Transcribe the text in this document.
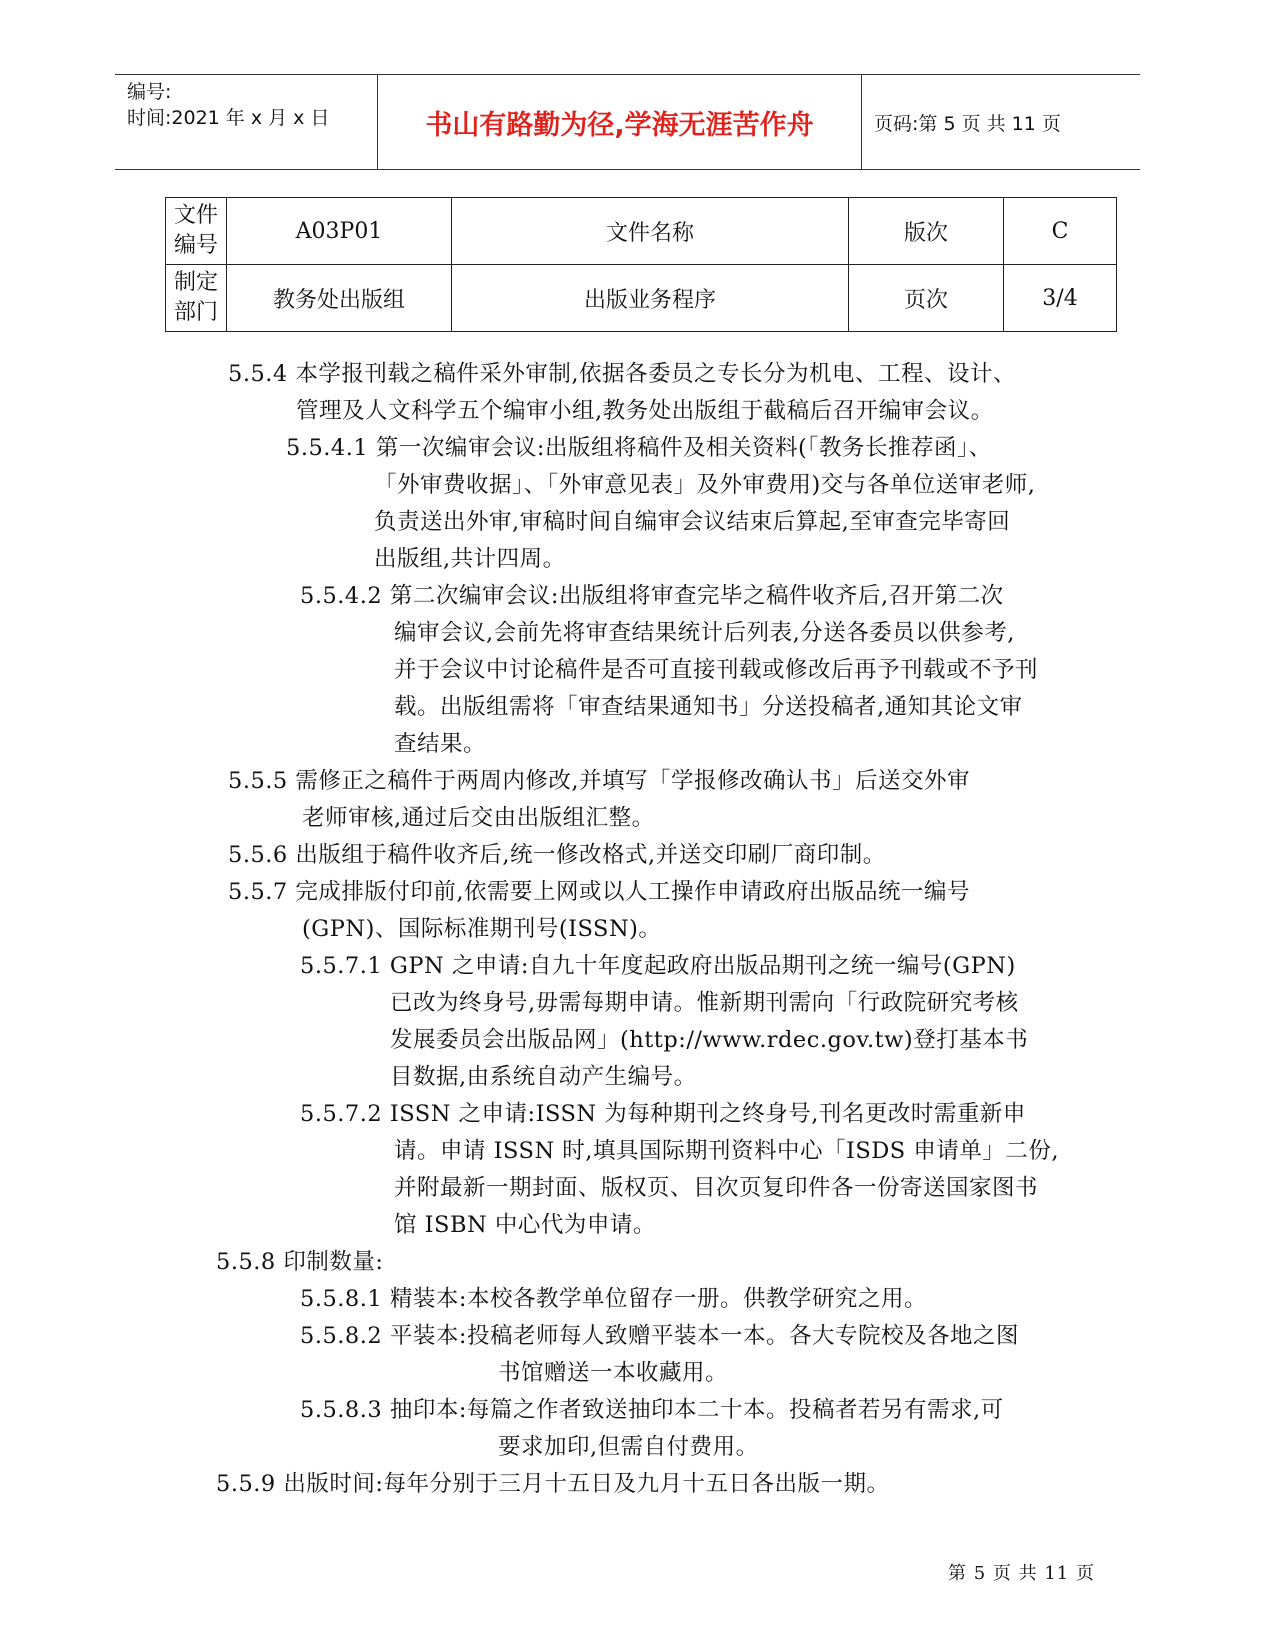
编号:
时间:2021 年 x 月 x 日	书山有路勤为径,学海无涯苦作舟	页码:第 5 页 共 11 页
文件
编号	A03P01	文件名称	版次	C
制定
部门	教务处出版组	出版业务程序	页次	3/4
5.5.4 本学报刊载之稿件采外审制,依据各委员之专长分为机电、工程、设计、
管理及人文科学五个编审小组,教务处出版组于截稿后召开编审会议。
5.5.4.1 第一次编审会议:出版组将稿件及相关资料(「教务长推荐函」、
「外审费收据」、「外审意见表」及外审费用)交与各单位送审老师,
负责送出外审,审稿时间自编审会议结束后算起,至审查完毕寄回
出版组,共计四周。
5.5.4.2 第二次编审会议:出版组将审查完毕之稿件收齐后,召开第二次
编审会议,会前先将审查结果统计后列表,分送各委员以供参考,
并于会议中讨论稿件是否可直接刊载或修改后再予刊载或不予刊
载。出版组需将「审查结果通知书」分送投稿者,通知其论文审
查结果。
5.5.5 需修正之稿件于两周内修改,并填写「学报修改确认书」后送交外审
老师审核,通过后交由出版组汇整。
5.5.6 出版组于稿件收齐后,统一修改格式,并送交印刷厂商印制。
5.5.7 完成排版付印前,依需要上网或以人工操作申请政府出版品统一编号
(GPN)、国际标准期刊号(ISSN)。
5.5.7.1 GPN 之申请:自九十年度起政府出版品期刊之统一编号(GPN)
已改为终身号,毋需每期申请。惟新期刊需向「行政院研究考核
发展委员会出版品网」(http://www.rdec.gov.tw)登打基本书
目数据,由系统自动产生编号。
5.5.7.2 ISSN 之申请:ISSN 为每种期刊之终身号,刊名更改时需重新申
请。申请 ISSN 时,填具国际期刊资料中心「ISDS 申请单」二份,
并附最新一期封面、版权页、目次页复印件各一份寄送国家图书
馆 ISBN 中心代为申请。
5.5.8 印制数量:
5.5.8.1 精装本:本校各教学单位留存一册。供教学研究之用。
5.5.8.2 平装本:投稿老师每人致赠平装本一本。各大专院校及各地之图
书馆赠送一本收藏用。
5.5.8.3 抽印本:每篇之作者致送抽印本二十本。投稿者若另有需求,可
要求加印,但需自付费用。
5.5.9 出版时间:每年分别于三月十五日及九月十五日各出版一期。
第 5 页 共 11 页
